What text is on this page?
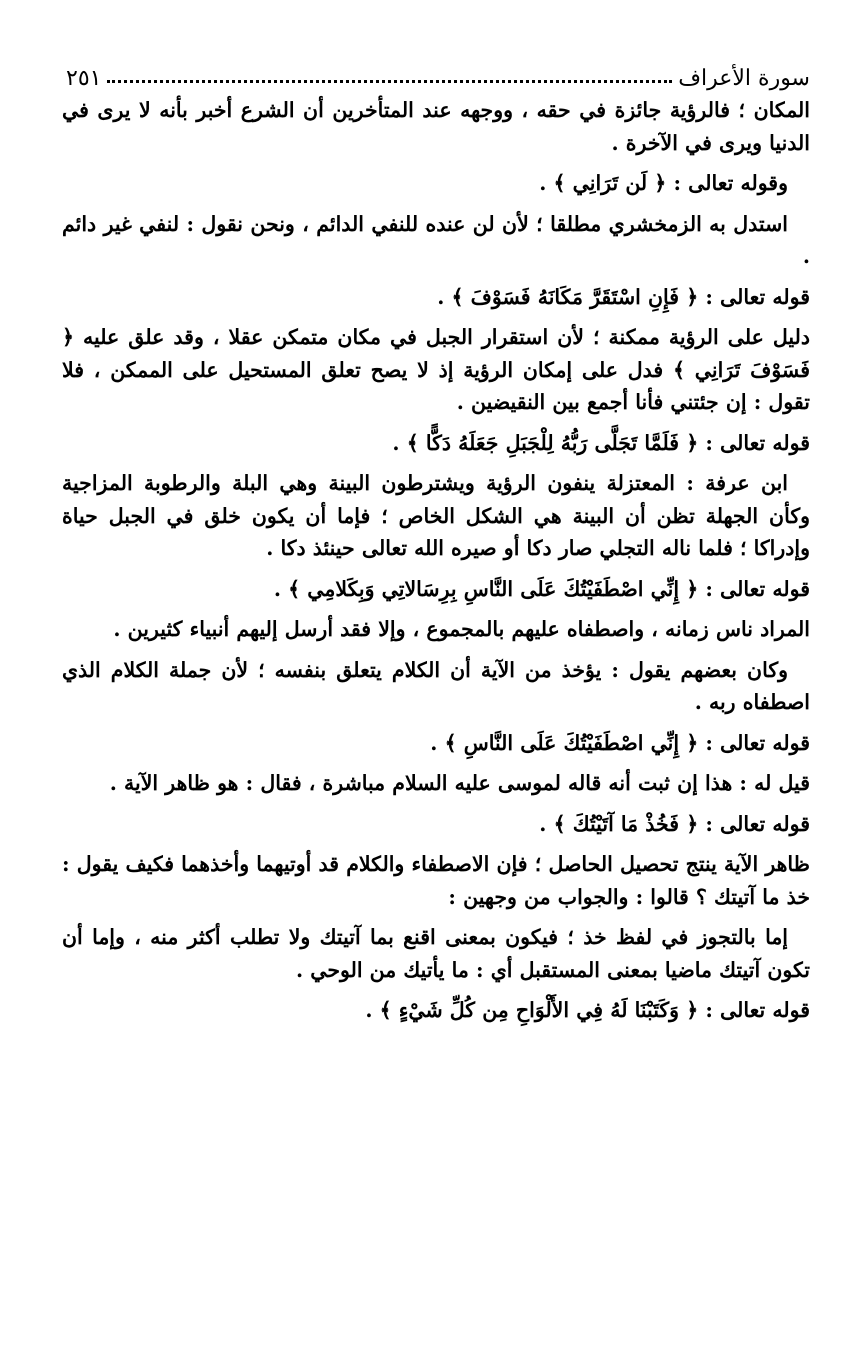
سورة الأعراف
٢٥١

المكان ؛ فالرؤية جائزة في حقه ، ووجهه عند المتأخرين أن الشرع أخبر بأنه لا يرى في الدنيا ويرى في الآخرة .

وقوله تعالى : ﴿ لَن تَرَانِي ﴾ .

استدل به الزمخشري مطلقا ؛ لأن لن عنده للنفي الدائم ، ونحن نقول : لنفي غير دائم .

قوله تعالى : ﴿ فَإِنِ اسْتَقَرَّ مَكَانَهُ فَسَوْفَ ﴾ .

دليل على الرؤية ممكنة ؛ لأن استقرار الجبل في مكان متمكن عقلا ، وقد علق عليه ﴿ فَسَوْفَ تَرَانِي ﴾ فدل على إمكان الرؤية إذ لا يصح تعلق المستحيل على الممكن ، فلا تقول : إن جئتني فأنا أجمع بين النقيضين .

قوله تعالى : ﴿ فَلَمَّا تَجَلَّى رَبُّهُ لِلْجَبَلِ جَعَلَهُ دَكًّا ﴾ .

ابن عرفة : المعتزلة ينفون الرؤية ويشترطون البينة وهي البلة والرطوبة المزاجية وكأن الجهلة تظن أن البينة هي الشكل الخاص ؛ فإما أن يكون خلق في الجبل حياة وإدراكا ؛ فلما ناله التجلي صار دكا أو صيره الله تعالى حينئذ دكا .

قوله تعالى : ﴿ إِنِّي اصْطَفَيْتُكَ عَلَى النَّاسِ بِرِسَالاتِي وَبِكَلامِي ﴾ .

المراد ناس زمانه ، واصطفاه عليهم بالمجموع ، وإلا فقد أرسل إليهم أنبياء كثيرين .

وكان بعضهم يقول : يؤخذ من الآية أن الكلام يتعلق بنفسه ؛ لأن جملة الكلام الذي اصطفاه ربه .

قوله تعالى : ﴿ إِنِّي اصْطَفَيْتُكَ عَلَى النَّاسِ ﴾ .

قيل له : هذا إن ثبت أنه قاله لموسى عليه السلام مباشرة ، فقال : هو ظاهر الآية .

قوله تعالى : ﴿ فَخُذْ مَا آتَيْتُكَ ﴾ .

ظاهر الآية ينتج تحصيل الحاصل ؛ فإن الاصطفاء والكلام قد أوتيهما وأخذهما فكيف يقول : خذ ما آتيتك ؟ قالوا : والجواب من وجهين :

إما بالتجوز في لفظ خذ ؛ فيكون بمعنى اقنع بما آتيتك ولا تطلب أكثر منه ، وإما أن تكون آتيتك ماضيا بمعنى المستقبل أي : ما يأتيك من الوحي .

قوله تعالى : ﴿ وَكَتَبْنَا لَهُ فِي الأَلْوَاحِ مِن كُلِّ شَيْءٍ ﴾ .
